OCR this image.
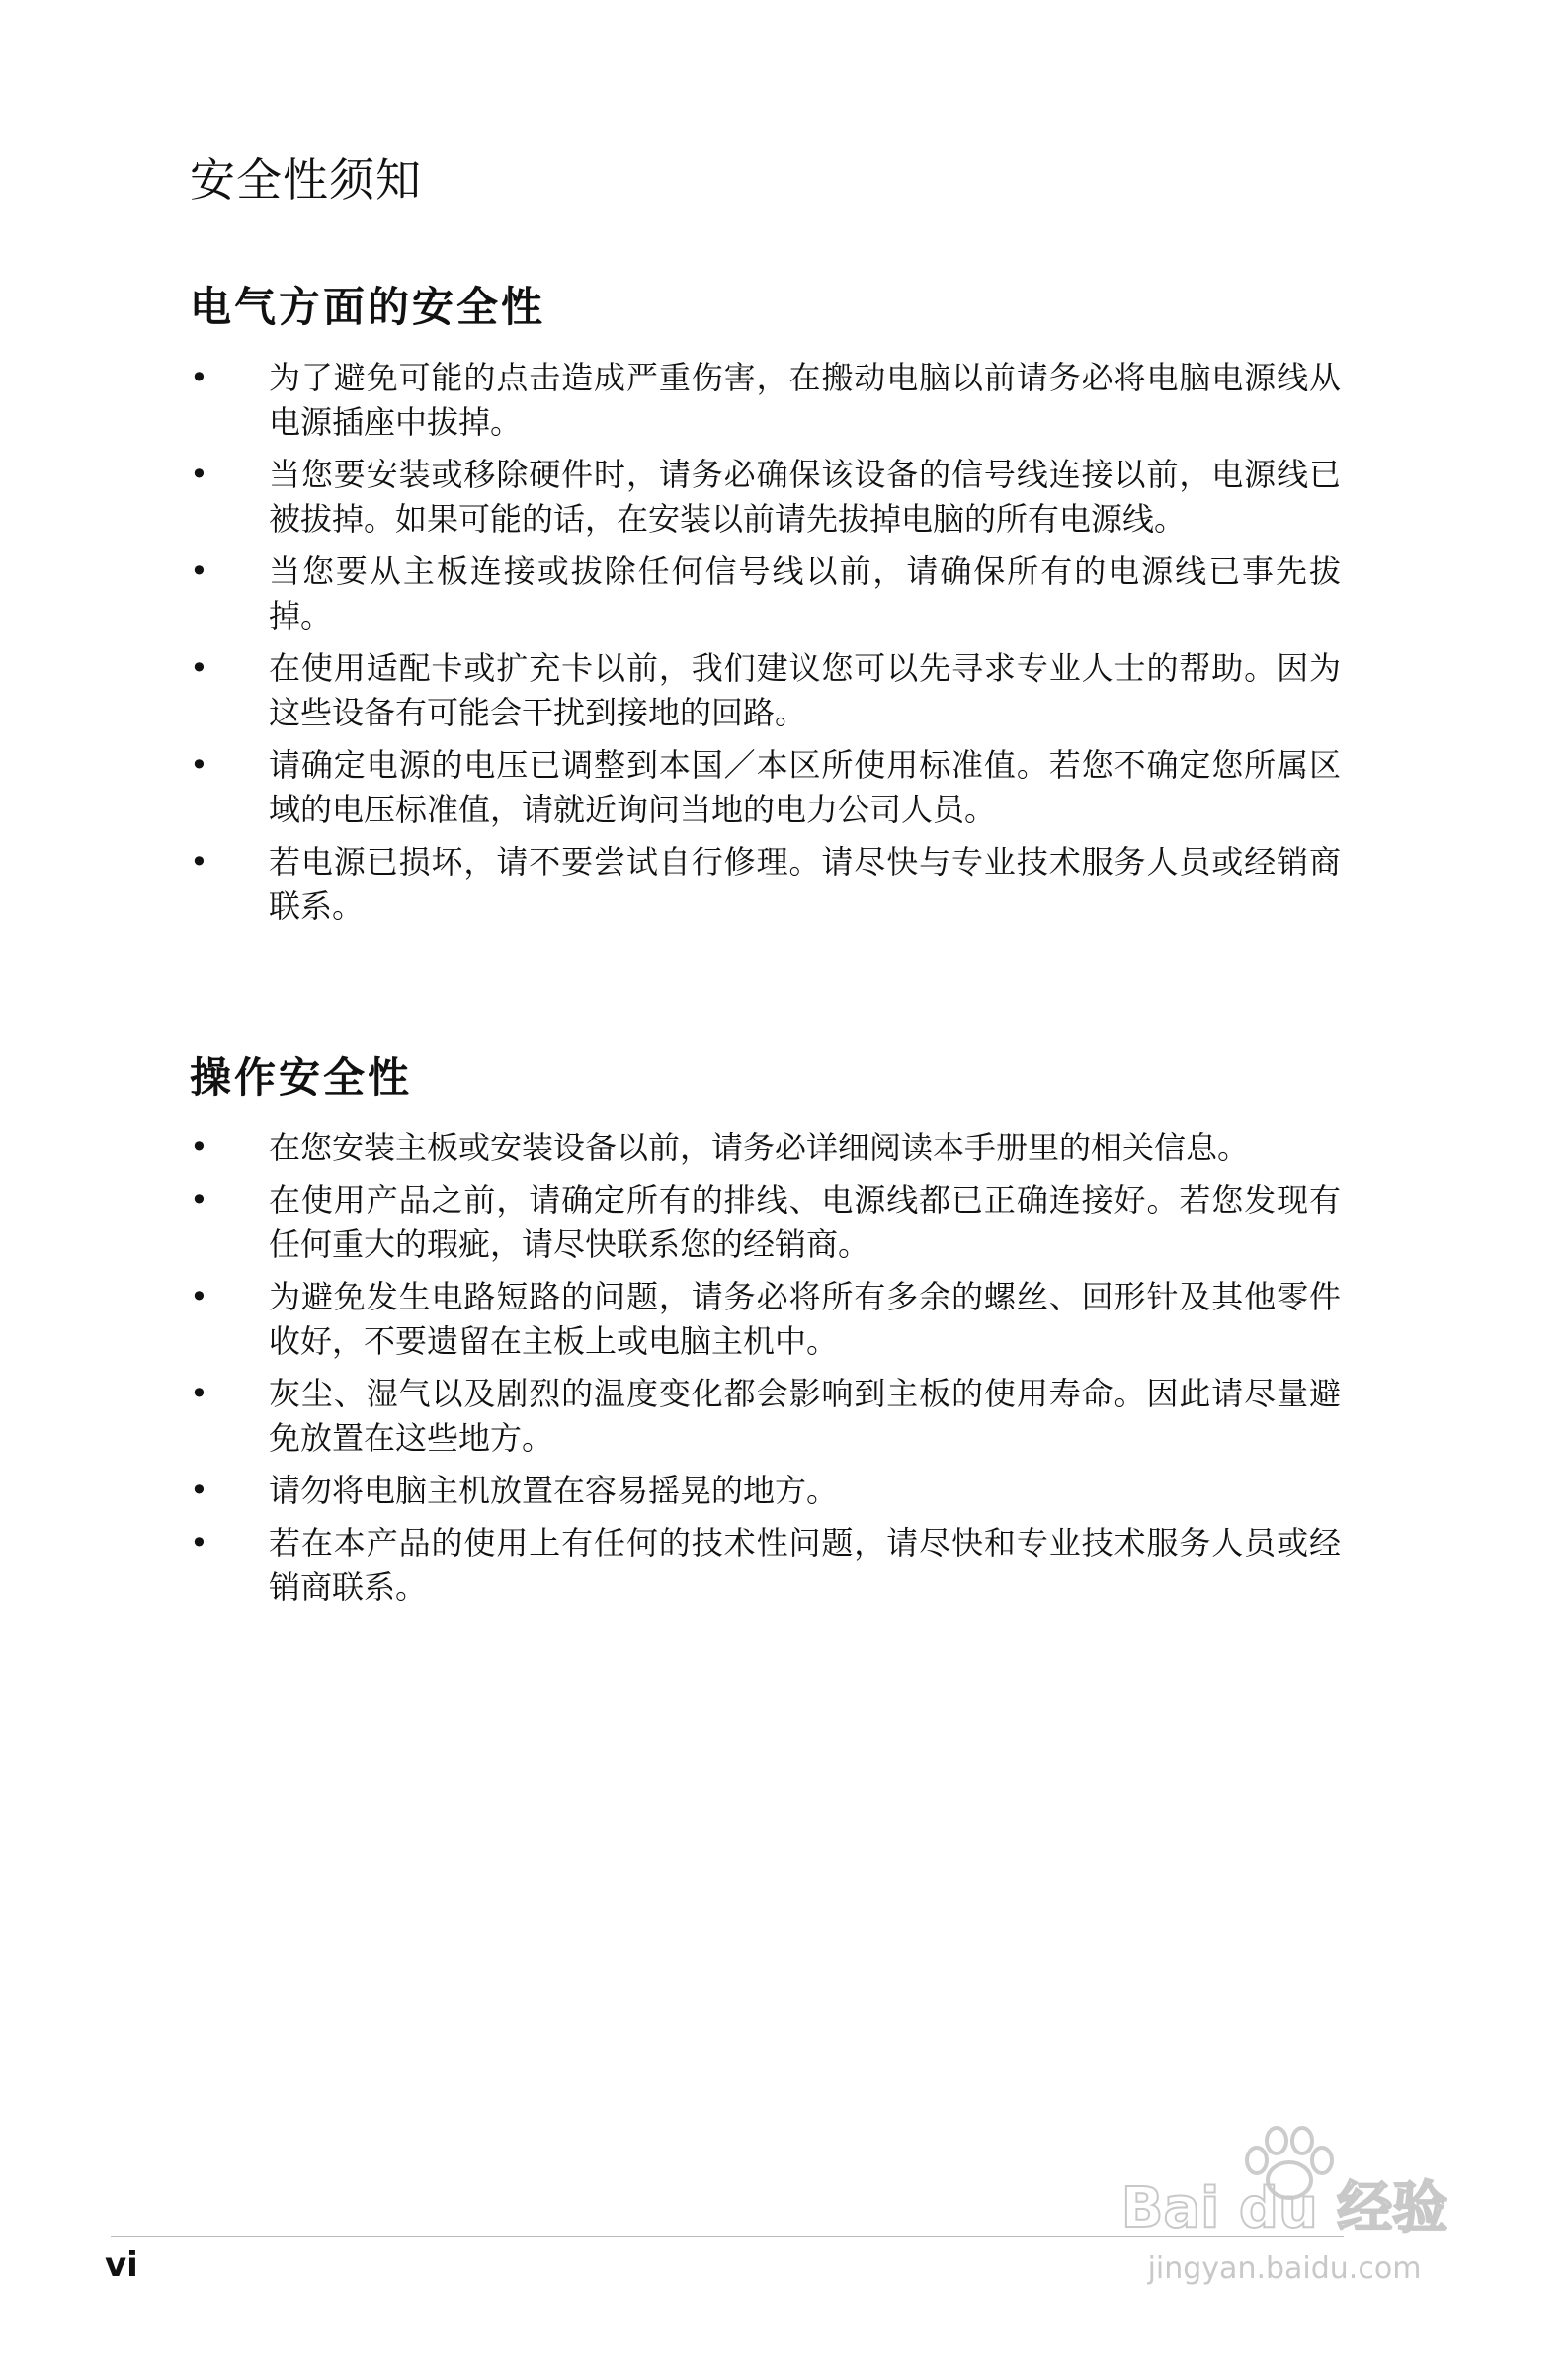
安全性须知
电气方面的安全性
• 为了避免可能的点击造成严重伤害，在搬动电脑以前请务必将电脑电源线从电源插座中拔掉。
• 当您要安装或移除硬件时，请务必确保该设备的信号线连接以前，电源线已被拔掉。如果可能的话，在安装以前请先拔掉电脑的所有电源线。
• 当您要从主板连接或拔除任何信号线以前，请确保所有的电源线已事先拔掉。
• 在使用适配卡或扩充卡以前，我们建议您可以先寻求专业人士的帮助。因为这些设备有可能会干扰到接地的回路。
• 请确定电源的电压已调整到本国／本区所使用标准值。若您不确定您所属区域的电压标准值，请就近询问当地的电力公司人员。
• 若电源已损坏，请不要尝试自行修理。请尽快与专业技术服务人员或经销商联系。
操作安全性
• 在您安装主板或安装设备以前，请务必详细阅读本手册里的相关信息。
• 在使用产品之前，请确定所有的排线、电源线都已正确连接好。若您发现有任何重大的瑕疵，请尽快联系您的经销商。
• 为避免发生电路短路的问题，请务必将所有多余的螺丝、回形针及其他零件收好，不要遗留在主板上或电脑主机中。
• 灰尘、湿气以及剧烈的温度变化都会影响到主板的使用寿命。因此请尽量避免放置在这些地方。
• 请勿将电脑主机放置在容易摇晃的地方。
• 若在本产品的使用上有任何的技术性问题，请尽快和专业技术服务人员或经销商联系。
Bai du 经验
jingyan.baidu.com

vi
